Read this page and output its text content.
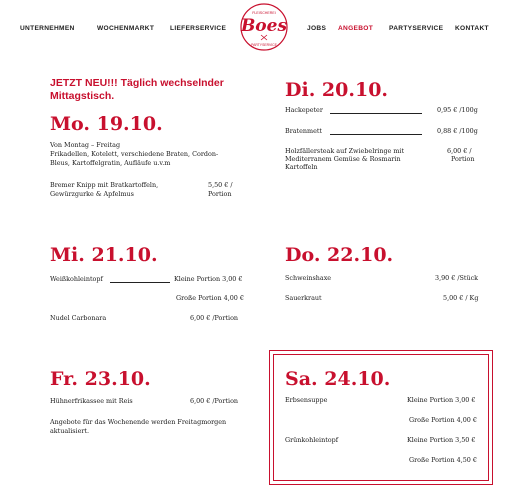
UNTERNEHMEN	WOCHENMARKT LIEFERSERVICE	JOBS ANGEBOT PARTYSERVICE KONTAKT
FLEISCHEREI
Boes
PARTYSERVICE

JETZT NEU!!! Täglich wechselnder Mittagstisch.

Mo. 19.10.

Von Montag – Freitag
Frikadellen, Kotelett, verschiedene Braten, Cordon-
Bleus, Kartoffelgratin, Aufläufe u.v.m
Bremer Knipp mit Bratkartoffeln,
Gewürzgurke & Apfelmus
5,50 € /
Portion

Di. 20.10.

Hackepeter	0,95 € /100g
Bratenmett	0,88 € /100g
Holzfällersteak auf Zwiebelringe mit
Mediterranem Gemüse & Rosmarin
Kartoffeln
6,00 € /
Portion

Mi. 21.10.

Weißkohleintopf	Kleine Portion 3,00 €
Große Portion 4,00 €
Nudel Carbonara	6,00 € /Portion

Do. 22.10.

Schweinshaxe	3,90 € /Stück
Sauerkraut	5,00 € / Kg

Fr. 23.10.

Hühnerfrikassee mit Reis	6,00 € /Portion
Angebote für das Wochenende werden Freitagmorgen
aktualisiert.

Sa. 24.10.

Erbsensuppe	Kleine Portion 3,00 €
Große Portion 4,00 €
Grünkohleintopf	Kleine Portion 3,50 €
Große Portion 4,50 €
